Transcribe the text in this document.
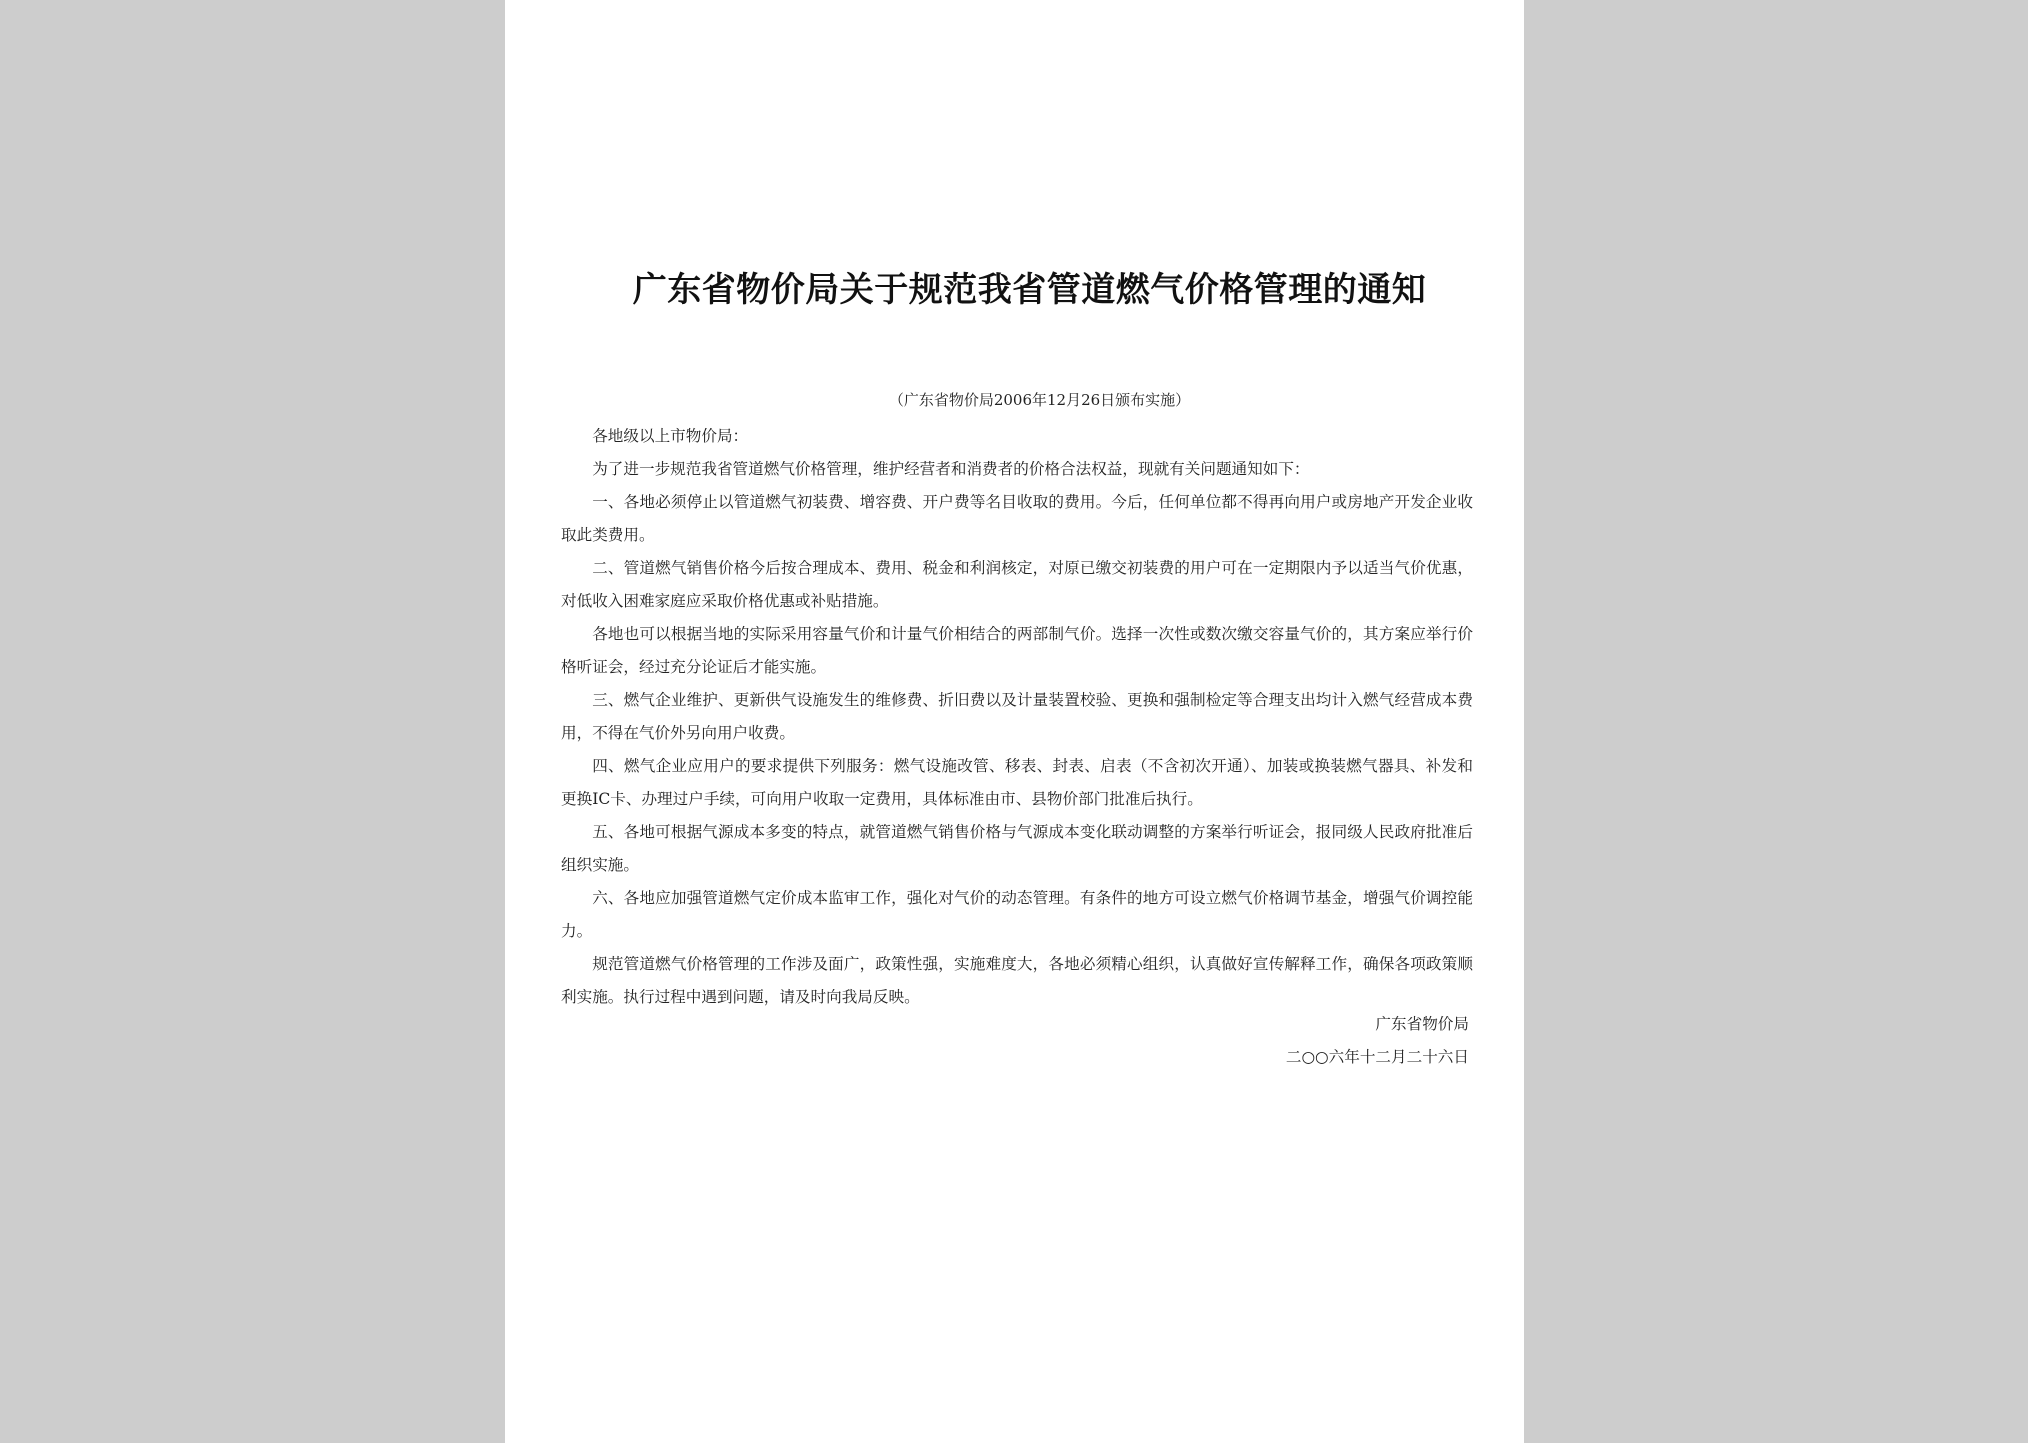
广东省物价局关于规范我省管道燃气价格管理的通知
（广东省物价局2006年12月26日颁布实施）

各地级以上市物价局：

为了进一步规范我省管道燃气价格管理，维护经营者和消费者的价格合法权益，现就有关问题通知如下：

一、各地必须停止以管道燃气初装费、增容费、开户费等名目收取的费用。今后，任何单位都不得再向用户或房地产开发企业收取此类费用。

二、管道燃气销售价格今后按合理成本、费用、税金和利润核定，对原已缴交初装费的用户可在一定期限内予以适当气价优惠，对低收入困难家庭应采取价格优惠或补贴措施。

各地也可以根据当地的实际采用容量气价和计量气价相结合的两部制气价。选择一次性或数次缴交容量气价的，其方案应举行价格听证会，经过充分论证后才能实施。

三、燃气企业维护、更新供气设施发生的维修费、折旧费以及计量装置校验、更换和强制检定等合理支出均计入燃气经营成本费用，不得在气价外另向用户收费。

四、燃气企业应用户的要求提供下列服务：燃气设施改管、移表、封表、启表（不含初次开通）、加装或换装燃气器具、补发和更换IC卡、办理过户手续，可向用户收取一定费用，具体标准由市、县物价部门批准后执行。

五、各地可根据气源成本多变的特点，就管道燃气销售价格与气源成本变化联动调整的方案举行听证会，报同级人民政府批准后组织实施。

六、各地应加强管道燃气定价成本监审工作，强化对气价的动态管理。有条件的地方可设立燃气价格调节基金，增强气价调控能力。

规范管道燃气价格管理的工作涉及面广，政策性强，实施难度大，各地必须精心组织，认真做好宣传解释工作，确保各项政策顺利实施。执行过程中遇到问题，请及时向我局反映。

广东省物价局
二○○六年十二月二十六日
